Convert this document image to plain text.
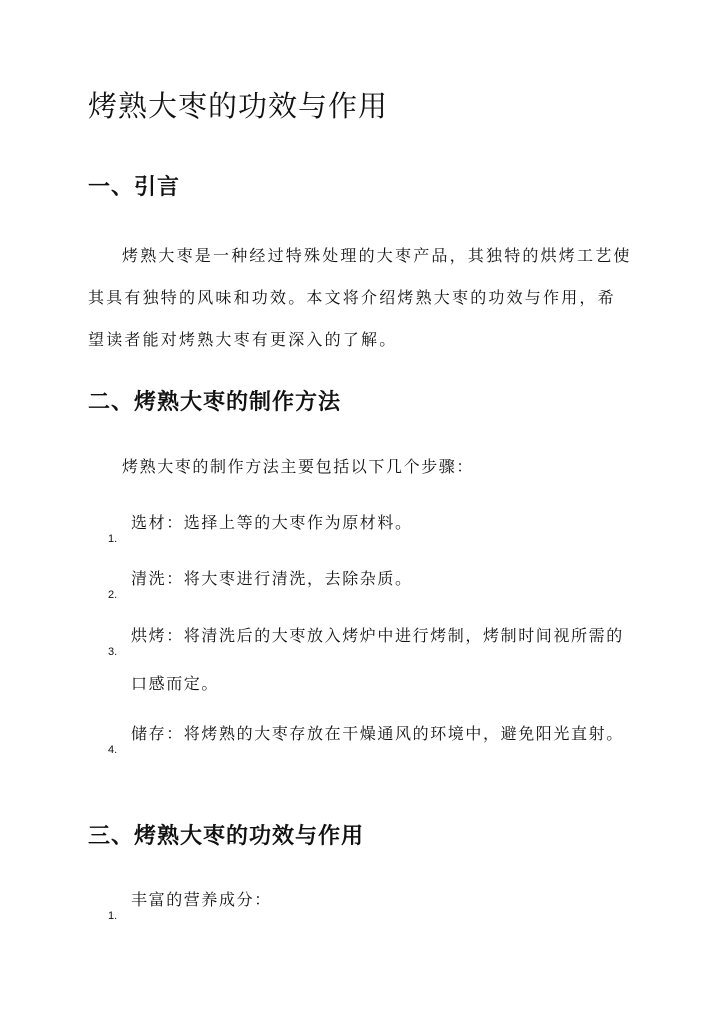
烤熟大枣的功效与作用
一、引言

烤熟大枣是一种经过特殊处理的大枣产品，其独特的烘烤工艺使其具有独特的风味和功效。本文将介绍烤熟大枣的功效与作用，希望读者能对烤熟大枣有更深入的了解。

二、烤熟大枣的制作方法

烤熟大枣的制作方法主要包括以下几个步骤：

1.
选材：选择上等的大枣作为原材料。
2.
清洗：将大枣进行清洗，去除杂质。
3.
烘烤：将清洗后的大枣放入烤炉中进行烤制，烤制时间视所需的口感而定。
4.
储存：将烤熟的大枣存放在干燥通风的环境中，避免阳光直射。
三、烤熟大枣的功效与作用
1.
丰富的营养成分：
